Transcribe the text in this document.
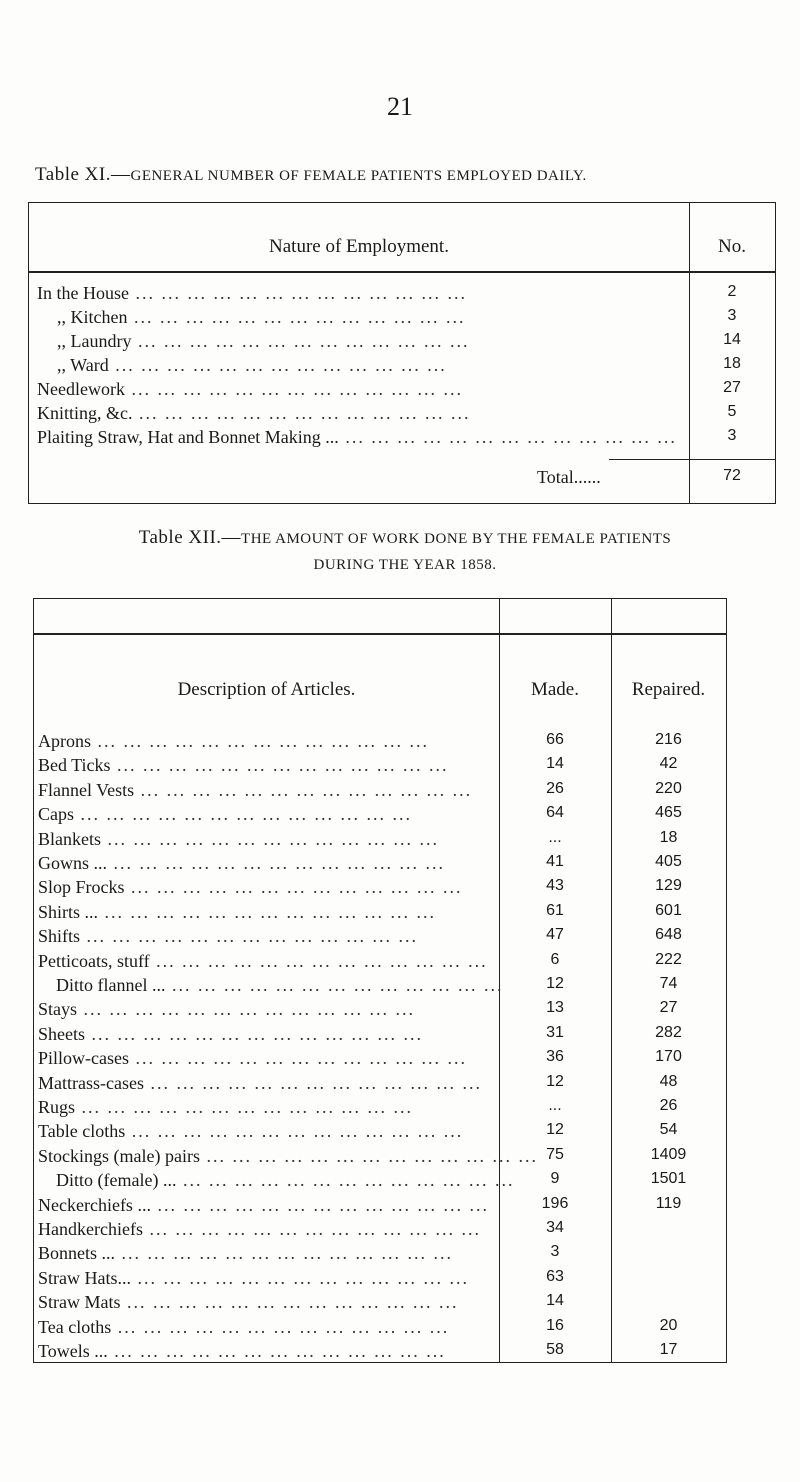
21
Table XI.—GENERAL NUMBER OF FEMALE PATIENTS EMPLOYED DAILY.
Nature of Employment.	No.
In the House ... ... ... ... ... ... ... ... ... ... ... ... ...	2
,, Kitchen ... ... ... ... ... ... ... ... ... ... ... ... ...	3
,, Laundry ... ... ... ... ... ... ... ... ... ... ... ... ...	14
,, Ward ... ... ... ... ... ... ... ... ... ... ... ... ...	18
Needlework ... ... ... ... ... ... ... ... ... ... ... ... ...	27
Knitting, &c. ... ... ... ... ... ... ... ... ... ... ... ... ...	5
Plaiting Straw, Hat and Bonnet Making ... ... ... ... ... ... ... ... ... ... ... ... ... ...	3
Total......	72
Table XII.—THE AMOUNT OF WORK DONE BY THE FEMALE PATIENTS
DURING THE YEAR 1858.
Description of Articles.	Made.	Repaired.
Aprons ... ... ... ... ... ... ... ... ... ... ... ... ...	66	216
Bed Ticks ... ... ... ... ... ... ... ... ... ... ... ... ...	14	42
Flannel Vests ... ... ... ... ... ... ... ... ... ... ... ... ...	26	220
Caps ... ... ... ... ... ... ... ... ... ... ... ... ...	64	465
Blankets ... ... ... ... ... ... ... ... ... ... ... ... ...	...	18
Gowns ... ... ... ... ... ... ... ... ... ... ... ... ... ...	41	405
Slop Frocks ... ... ... ... ... ... ... ... ... ... ... ... ...	43	129
Shirts ... ... ... ... ... ... ... ... ... ... ... ... ... ...	61	601
Shifts ... ... ... ... ... ... ... ... ... ... ... ... ...	47	648
Petticoats, stuff ... ... ... ... ... ... ... ... ... ... ... ... ...	6	222
Ditto flannel ... ... ... ... ... ... ... ... ... ... ... ... ... ...	12	74
Stays ... ... ... ... ... ... ... ... ... ... ... ... ...	13	27
Sheets ... ... ... ... ... ... ... ... ... ... ... ... ...	31	282
Pillow-cases ... ... ... ... ... ... ... ... ... ... ... ... ...	36	170
Mattrass-cases ... ... ... ... ... ... ... ... ... ... ... ... ...	12	48
Rugs ... ... ... ... ... ... ... ... ... ... ... ... ...	...	26
Table cloths ... ... ... ... ... ... ... ... ... ... ... ... ...	12	54
Stockings (male) pairs ... ... ... ... ... ... ... ... ... ... ... ... ... 75	1409
Ditto (female) ... ... ... ... ... ... ... ... ... ... ... ... ... ...	9	1501
Neckerchiefs ... ... ... ... ... ... ... ... ... ... ... ... ... ...	196	119
Handkerchiefs ... ... ... ... ... ... ... ... ... ... ... ... ...	34
Bonnets ... ... ... ... ... ... ... ... ... ... ... ... ... ...	3
Straw Hats... ... ... ... ... ... ... ... ... ... ... ... ... ...	63
Straw Mats ... ... ... ... ... ... ... ... ... ... ... ... ...	14
Tea cloths ... ... ... ... ... ... ... ... ... ... ... ... ...	16	20
Towels ... ... ... ... ... ... ... ... ... ... ... ... ... ...	58	17
